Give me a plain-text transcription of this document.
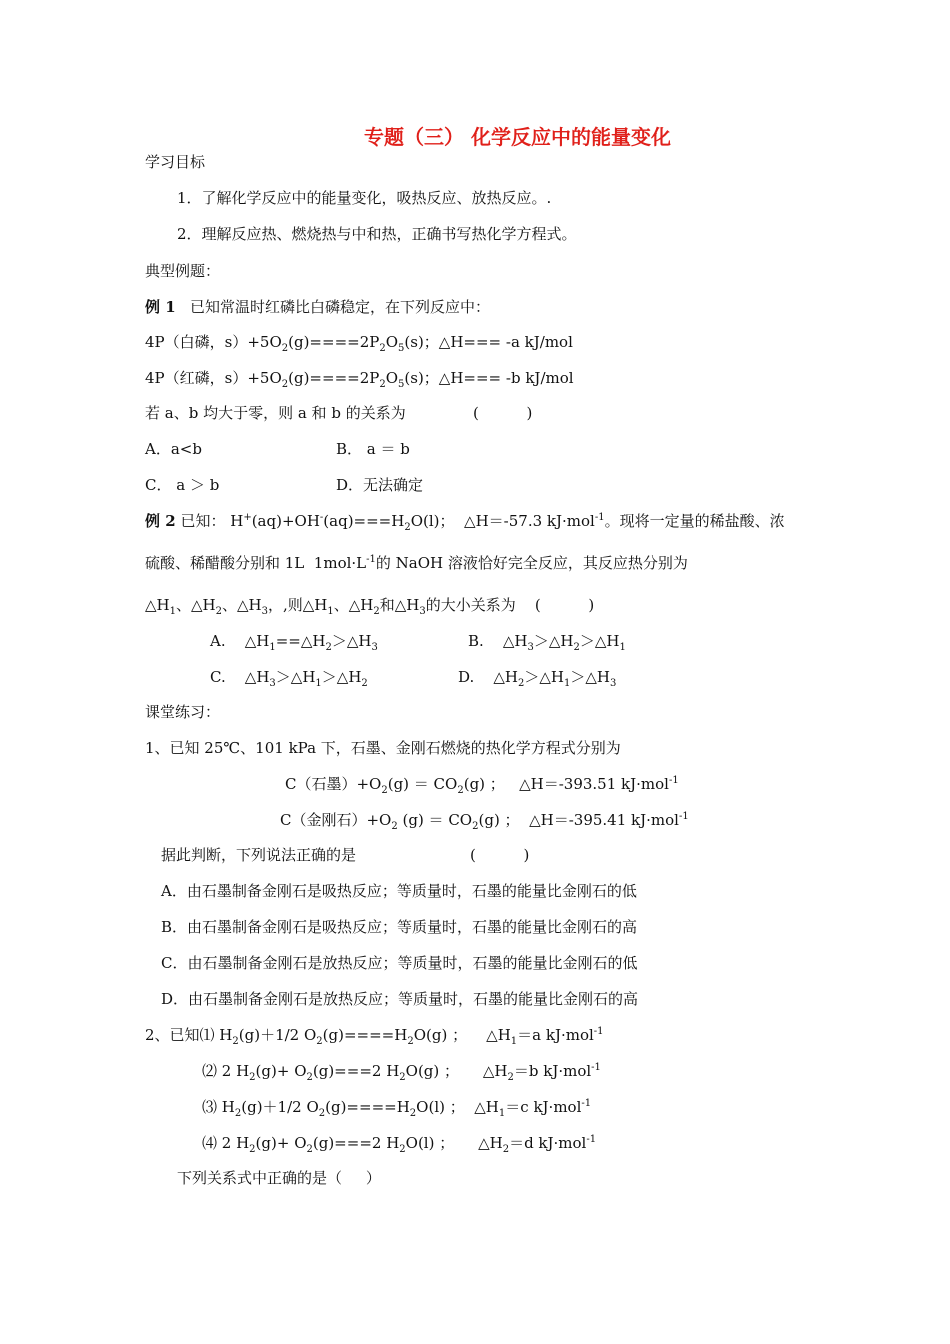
专题（三） 化学反应中的能量变化
学习目标
1．了解化学反应中的能量变化，吸热反应、放热反应。.
2．理解反应热、燃烧热与中和热，正确书写热化学方程式。
典型例题：
例 1 已知常温时红磷比白磷稳定，在下列反应中：
4P（白磷，$s)+5O_2(g)====2P_2O_5(s)$；△H=== -a kJ/mol
4P（红磷，$s)+5O_2(g)====2P_2O_5(s)$；△H=== -b kJ/mol
若 a、b 均大于零，则 a 和 b 的关系为	(          )
A．a<b	B． a ＝ b
C． a ＞ b	D．无法确定
例 2 已知： $H^+(aq)+OH^-(aq)===H_2O(l)$；  △H＝-57.3 kJ·mol$^{-1}$。现将一定量的稀盐酸、浓
硫酸、稀醋酸分别和 1L  $1mol\cdot L^{-1}$的 NaOH 溶液恰好完全反应，其反应热分别为
$\triangle H_1$、$\triangle H_2$、$\triangle H_3$，,则$\triangle H_1$、$\triangle H_2$和$\triangle H_3$的大小关系为    (          )
A. $\triangle H_1==\triangle H_2>\triangle H_3$	B. $\triangle H_3>\triangle H_2>\triangle H_1$
C. $\triangle H_3>\triangle H_1>\triangle H_2$	D. $\triangle H_2>\triangle H_1>\triangle H_3$
课堂练习：
1、已知 25℃、101 kPa 下，石墨、金刚石燃烧的热化学方程式分别为
C（石墨）$+O_2(g) = CO_2(g)$ ；   △H＝-393.51 kJ·mol$^{-1}$
C（金刚石）$+O_2$ $(g) = CO_2(g)$ ；  △H＝-395.41 kJ·mol$^{-1}$
据此判断，下列说法正确的是	(          )
A．由石墨制备金刚石是吸热反应；等质量时，石墨的能量比金刚石的低
B．由石墨制备金刚石是吸热反应；等质量时，石墨的能量比金刚石的高
C．由石墨制备金刚石是放热反应；等质量时，石墨的能量比金刚石的低
D．由石墨制备金刚石是放热反应；等质量时，石墨的能量比金刚石的高
2、已知⑴ $H_2(g)+1/2$ $O_2(g)====H_2O(g)$ ；    $\triangle H_1=a$ kJ·mol$^{-1}$
⑵ 2 $H_2(g)+ O_2(g)===2$ $H_2O(g)$ ；     $\triangle H_2=b$ kJ·mol$^{-1}$
⑶ $H_2(g)+1/2$ $O_2(g)====H_2O(l)$ ；  $\triangle H_1=c$ kJ·mol$^{-1}$
⑷ 2 $H_2(g)+ O_2(g)===2$ $H_2O(l)$ ；     $\triangle H_2=d$ kJ·mol$^{-1}$
下列关系式中正确的是（     ）
